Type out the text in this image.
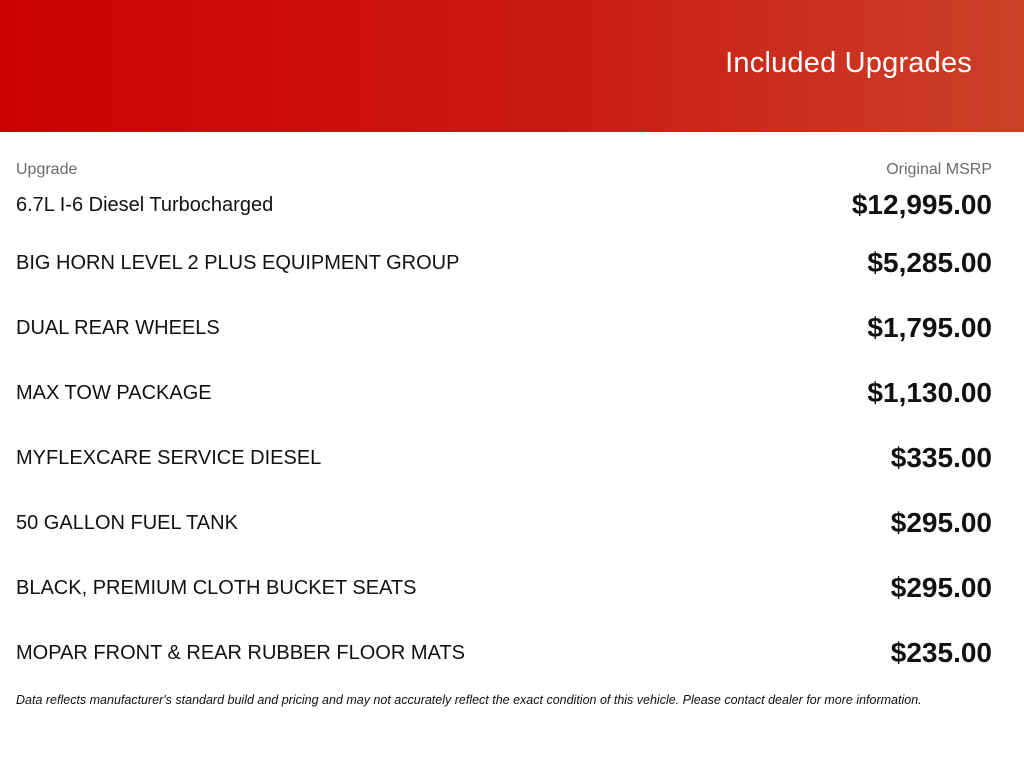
Included Upgrades
Upgrade	Original MSRP
6.7L I-6 Diesel Turbocharged	$12,995.00
BIG HORN LEVEL 2 PLUS EQUIPMENT GROUP	$5,285.00
DUAL REAR WHEELS	$1,795.00
MAX TOW PACKAGE	$1,130.00
MYFLEXCARE SERVICE DIESEL	$335.00
50 GALLON FUEL TANK	$295.00
BLACK, PREMIUM CLOTH BUCKET SEATS	$295.00
MOPAR FRONT & REAR RUBBER FLOOR MATS	$235.00

Data reflects manufacturer's standard build and pricing and may not accurately reflect the exact condition of this vehicle. Please contact dealer for more information.
